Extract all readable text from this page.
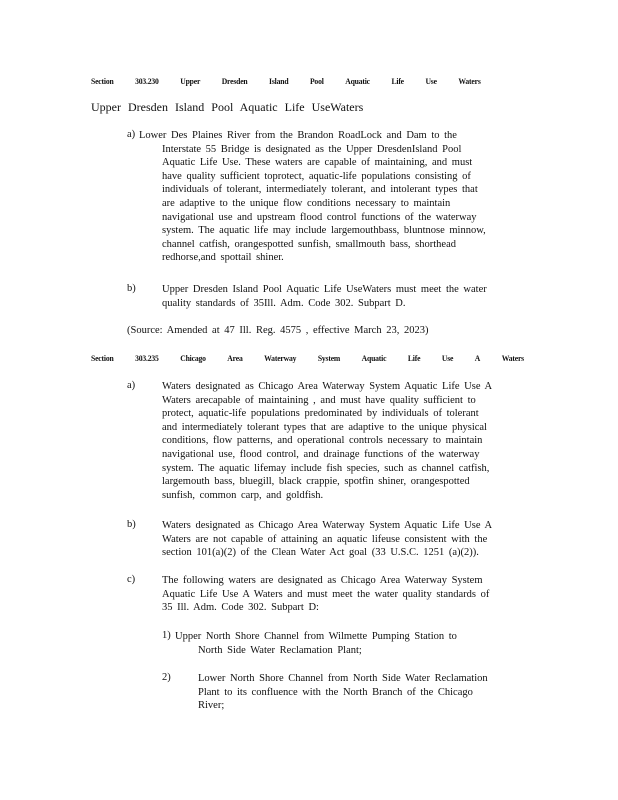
Section	303.230	Upper	Dresden	Island	Pool	Aquatic	Life	Use	Waters
Upper Dresden Island Pool Aquatic Life UseWaters
a) Lower Des Plaines River from the Brandon RoadLock and Dam to the
Interstate 55 Bridge is designated as the Upper DresdenIsland Pool
Aquatic Life Use. These waters are capable of maintaining, and must
have quality sufficient toprotect, aquatic-life populations consisting of
individuals of tolerant, intermediately tolerant, and intolerant types that
are adaptive to the unique flow conditions necessary to maintain
navigational use and upstream flood control functions of the waterway
system. The aquatic life may include largemouthbass, bluntnose minnow,
channel catfish, orangespotted sunfish, smallmouth bass, shorthead
redhorse,and spottail shiner.
b)	Upper Dresden Island Pool Aquatic Life UseWaters must meet the water
quality standards of 35Ill. Adm. Code 302. Subpart D.
(Source: Amended at 47 Ill. Reg. 4575 , effective March 23, 2023)
Section	303.235	Chicago	Area	Waterway	System	Aquatic	Life	Use	A	Waters
a)	Waters designated as Chicago Area Waterway System Aquatic Life Use A
Waters arecapable of maintaining , and must have quality sufficient to
protect, aquatic-life populations predominated by individuals of tolerant
and intermediately tolerant types that are adaptive to the unique physical
conditions, flow patterns, and operational controls necessary to maintain
navigational use, flood control, and drainage functions of the waterway
system. The aquatic lifemay include fish species, such as channel catfish,
largemouth bass, bluegill, black crappie, spotfin shiner, orangespotted
sunfish, common carp, and goldfish.
b)	Waters designated as Chicago Area Waterway System Aquatic Life Use A
Waters are not capable of attaining an aquatic lifeuse consistent with the
section 101(a)(2) of the Clean Water Act goal (33 U.S.C. 1251 (a)(2)).
c)	The following waters are designated as Chicago Area Waterway System
Aquatic Life Use A Waters and must meet the water quality standards of
35 Ill. Adm. Code 302. Subpart D:
1) Upper North Shore Channel from Wilmette Pumping Station to
North Side Water Reclamation Plant;
2)	Lower North Shore Channel from North Side Water Reclamation
Plant to its confluence with the North Branch of the Chicago
River;
